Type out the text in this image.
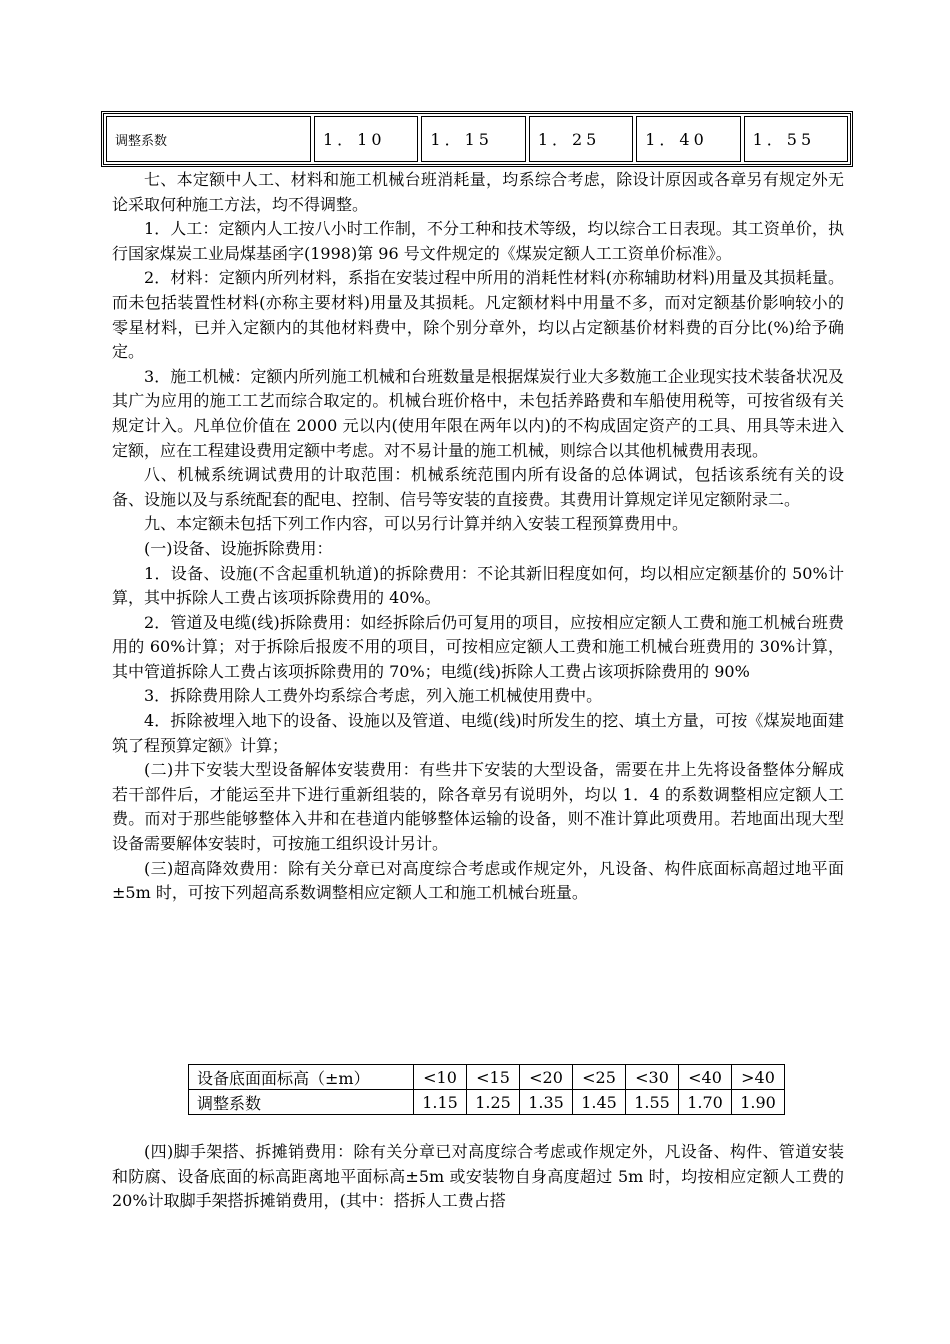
调整系数	1．10	1．15	1．25	1．40	1．55

七、本定额中人工、材料和施工机械台班消耗量，均系综合考虑，除设计原因或各章另有规定外无论采取何种施工方法，均不得调整。

1．人工：定额内人工按八小时工作制，不分工种和技术等级，均以综合工日表现。其工资单价，执行国家煤炭工业局煤基函字(1998)第 96 号文件规定的《煤炭定额人工工资单价标准》。

2．材料：定额内所列材料，系指在安装过程中所用的消耗性材料(亦称辅助材料)用量及其损耗量。而未包括装置性材料(亦称主要材料)用量及其损耗。凡定额材料中用量不多，而对定额基价影响较小的零星材料，已并入定额内的其他材料费中，除个别分章外，均以占定额基价材料费的百分比(%)给予确定。

3．施工机械：定额内所列施工机械和台班数量是根据煤炭行业大多数施工企业现实技术装备状况及其广为应用的施工工艺而综合取定的。机械台班价格中，未包括养路费和车船使用税等，可按省级有关规定计入。凡单位价值在 2000 元以内(使用年限在两年以内)的不构成固定资产的工具、用具等未进入定额，应在工程建设费用定额中考虑。对不易计量的施工机械，则综合以其他机械费用表现。

八、机械系统调试费用的计取范围：机械系统范围内所有设备的总体调试，包括该系统有关的设备、设施以及与系统配套的配电、控制、信号等安装的直接费。其费用计算规定详见定额附录二。

九、本定额未包括下列工作内容，可以另行计算并纳入安装工程预算费用中。

(一)设备、设施拆除费用：

1．设备、设施(不含起重机轨道)的拆除费用：不论其新旧程度如何，均以相应定额基价的 50%计算，其中拆除人工费占该项拆除费用的 40%。

2．管道及电缆(线)拆除费用：如经拆除后仍可复用的项目，应按相应定额人工费和施工机械台班费用的 60%计算；对于拆除后报废不用的项目，可按相应定额人工费和施工机械台班费用的 30%计算，其中管道拆除人工费占该项拆除费用的 70%；电缆(线)拆除人工费占该项拆除费用的 90%

3．拆除费用除人工费外均系综合考虑，列入施工机械使用费中。

4．拆除被埋入地下的设备、设施以及管道、电缆(线)时所发生的挖、填土方量，可按《煤炭地面建筑了程预算定额》计算；

(二)井下安装大型设备解体安装费用：有些井下安装的大型设备，需要在井上先将设备整体分解成若干部件后，才能运至井下进行重新组装的，除各章另有说明外，均以 1．4 的系数调整相应定额人工费。而对于那些能够整体入井和在巷道内能够整体运输的设备，则不准计算此项费用。若地面出现大型设备需要解体安装时，可按施工组织设计另计。

(三)超高降效费用：除有关分章已对高度综合考虑或作规定外，凡设备、构件底面标高超过地平面±5m 时，可按下列超高系数调整相应定额人工和施工机械台班量。

设备底面面标高（±m）	<10	<15	<20	<25	<30	<40	>40
调整系数	1.15	1.25	1.35	1.45	1.55	1.70	1.90

(四)脚手架搭、拆摊销费用：除有关分章已对高度综合考虑或作规定外，凡设备、构件、管道安装和防腐、设备底面的标高距离地平面标高±5m 或安装物自身高度超过 5m 时，均按相应定额人工费的 20%计取脚手架搭拆摊销费用，(其中：搭拆人工费占搭
